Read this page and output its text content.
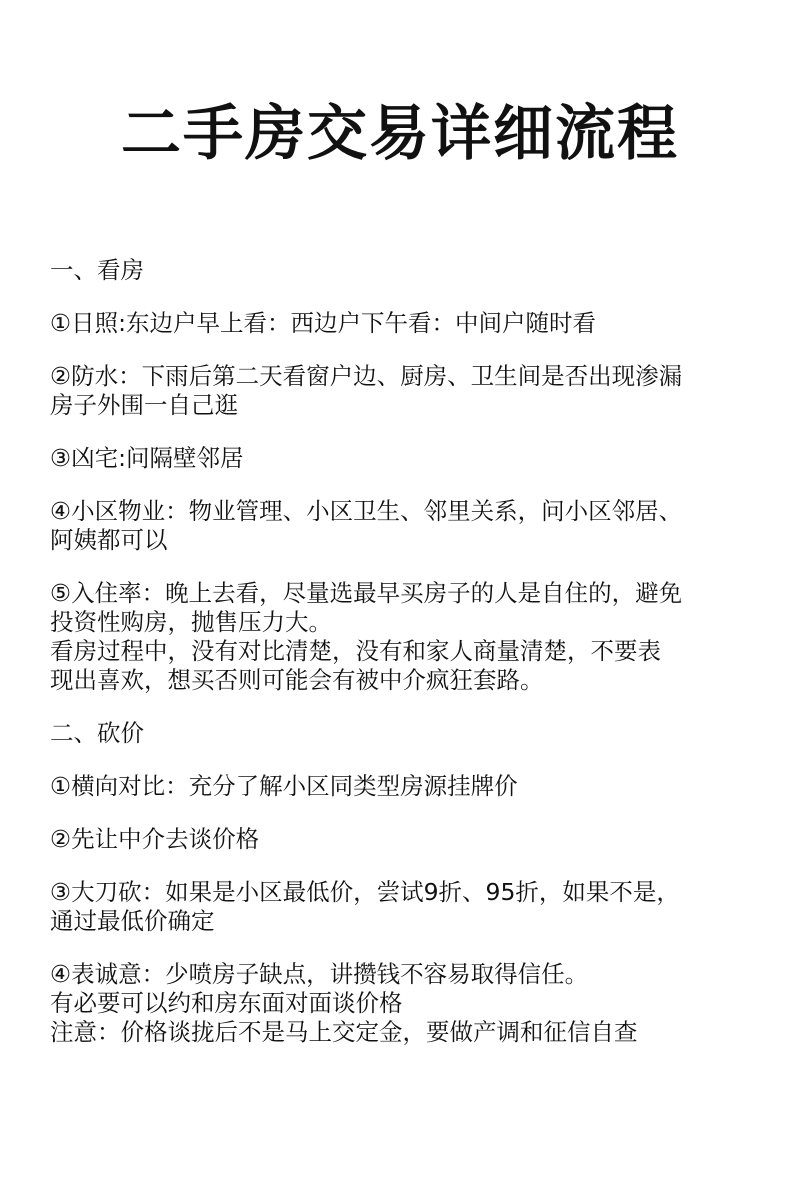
二手房交易详细流程
一、看房
①日照:东边户早上看：西边户下午看：中间户随时看
②防水：下雨后第二天看窗户边、厨房、卫生间是否出现渗漏
房子外围一自己逛
③凶宅:问隔壁邻居
④小区物业：物业管理、小区卫生、邻里关系，问小区邻居、
阿姨都可以
⑤入住率：晚上去看，尽量选最早买房子的人是自住的，避免
投资性购房，抛售压力大。
看房过程中，没有对比清楚，没有和家人商量清楚，不要表
现出喜欢，想买否则可能会有被中介疯狂套路。
二、砍价
①横向对比：充分了解小区同类型房源挂牌价
②先让中介去谈价格
③大刀砍：如果是小区最低价，尝试9折、95折，如果不是，
通过最低价确定
④表诚意：少喷房子缺点，讲攒钱不容易取得信任。
有必要可以约和房东面对面谈价格
注意：价格谈拢后不是马上交定金，要做产调和征信自查
